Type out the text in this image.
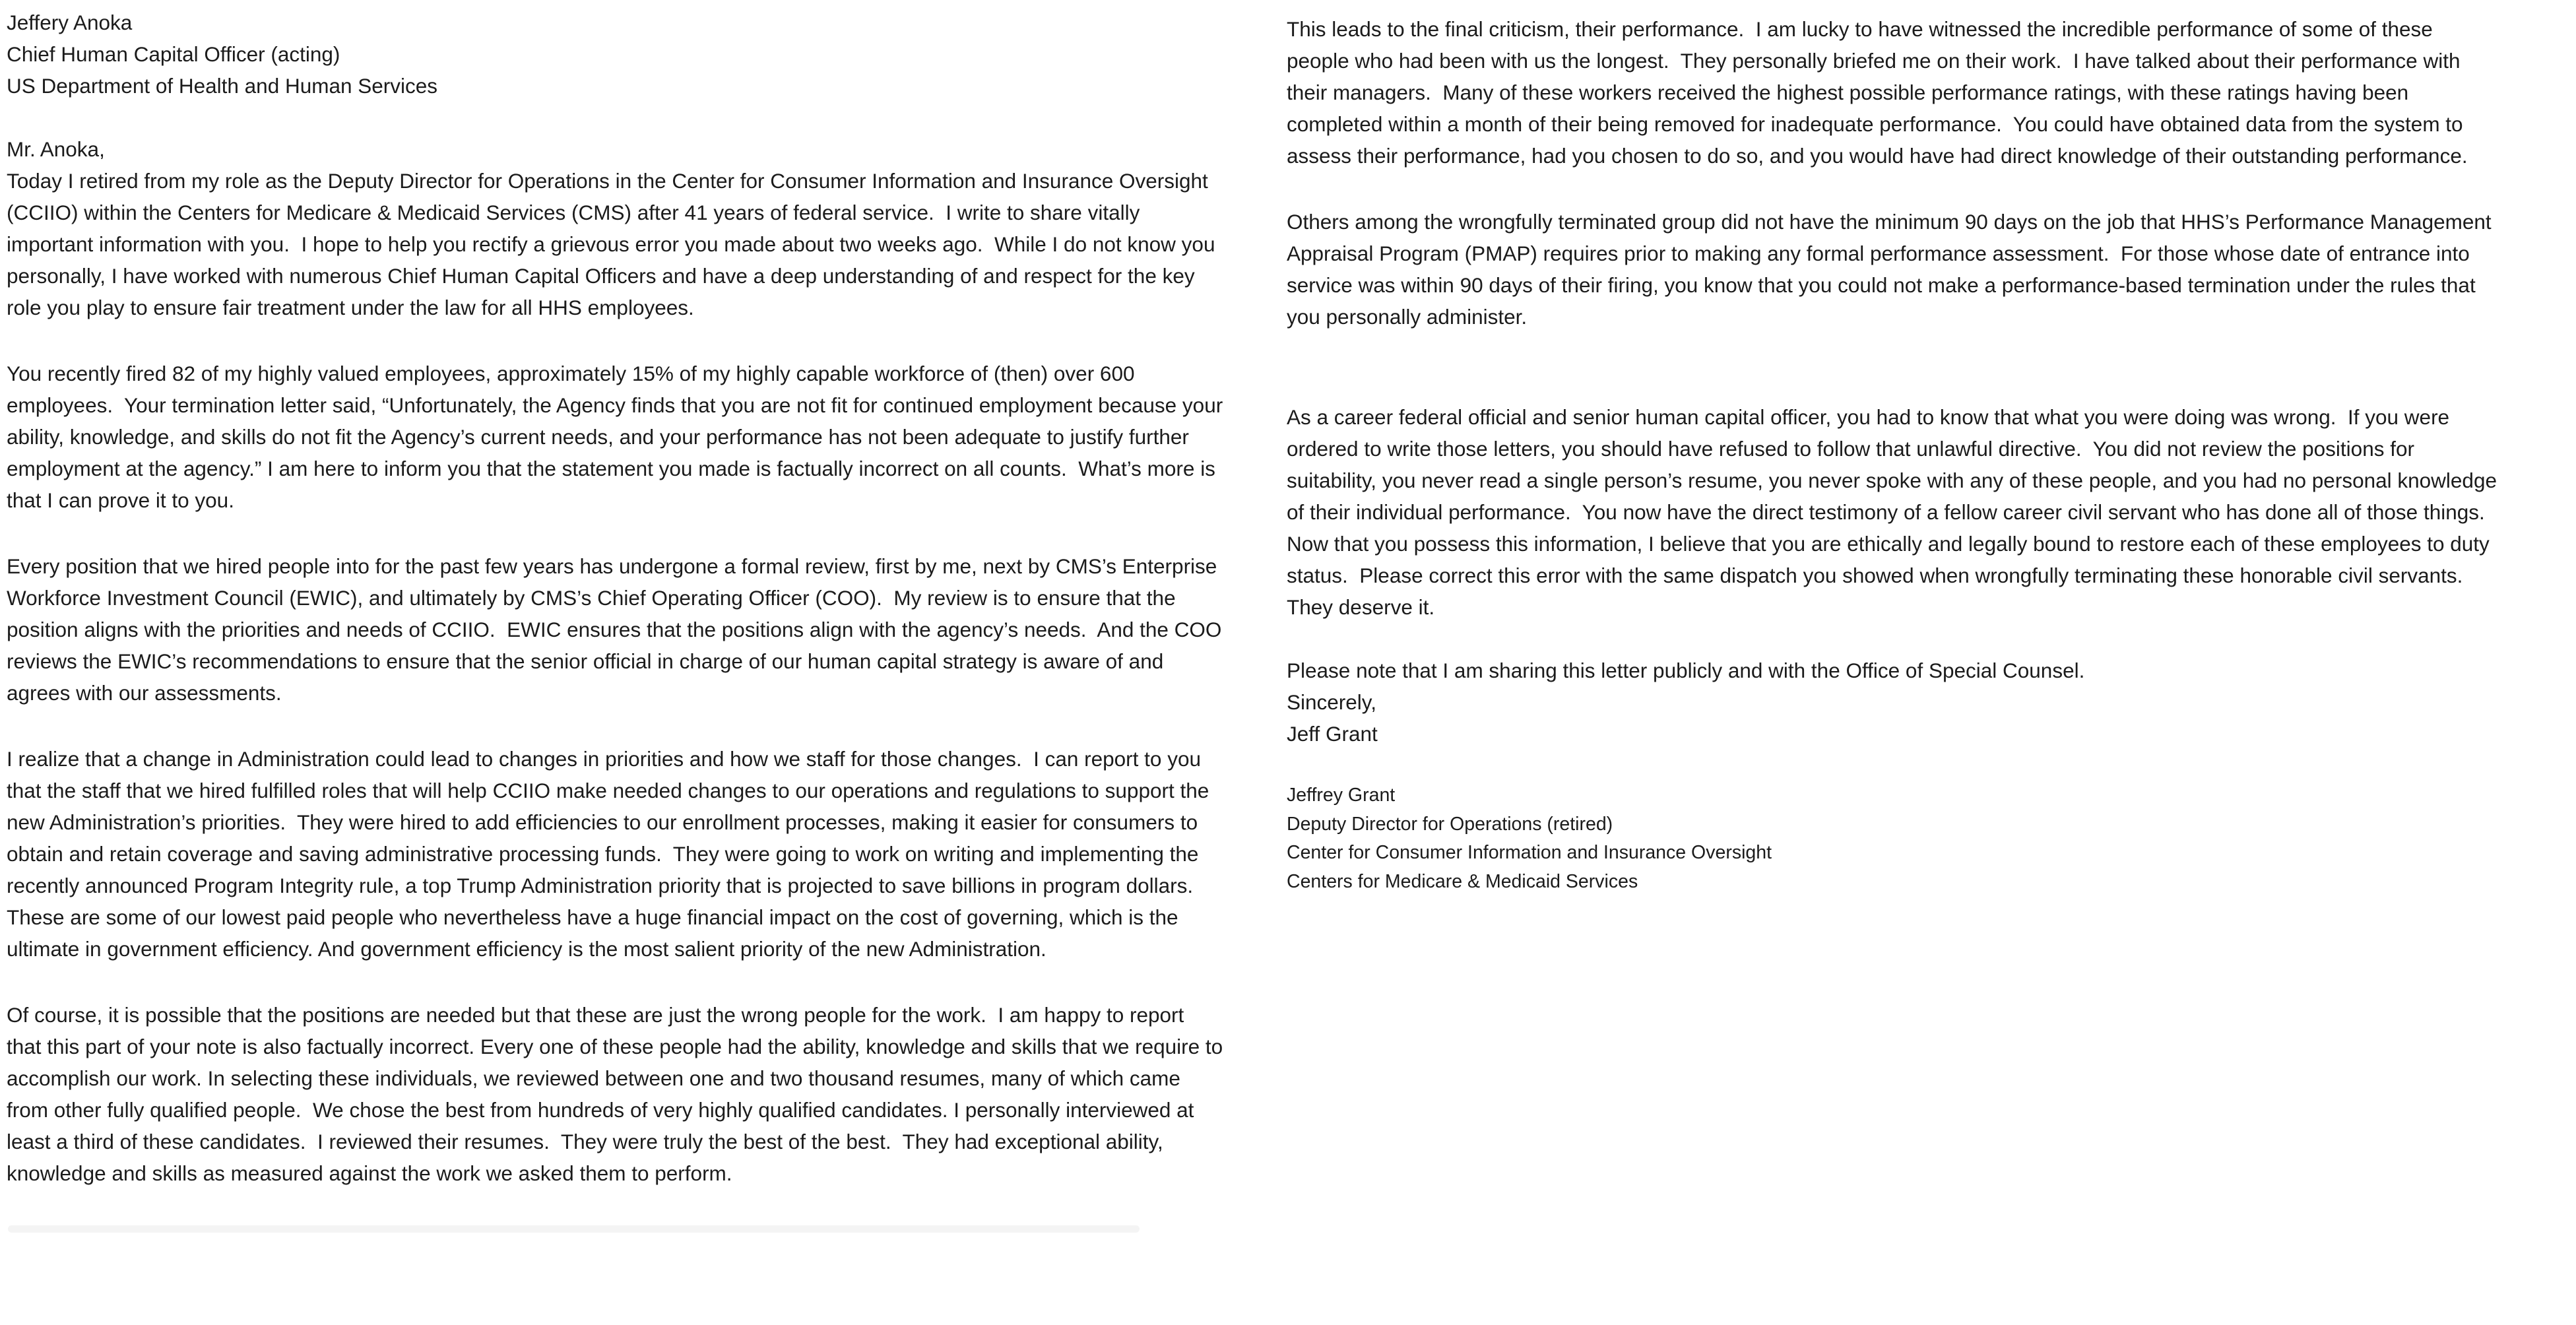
Jeffery Anoka
Chief Human Capital Officer (acting)
US Department of Health and Human Services
Mr. Anoka,

Today I retired from my role as the Deputy Director for Operations in the Center for Consumer Information and Insurance Oversight (CCIIO) within the Centers for Medicare & Medicaid Services (CMS) after 41 years of federal service.  I write to share vitally important information with you.  I hope to help you rectify a grievous error you made about two weeks ago.  While I do not know you personally, I have worked with numerous Chief Human Capital Officers and have a deep understanding of and respect for the key role you play to ensure fair treatment under the law for all HHS employees.

You recently fired 82 of my highly valued employees, approximately 15% of my highly capable workforce of (then) over 600 employees.  Your termination letter said, “Unfortunately, the Agency finds that you are not fit for continued employment because your ability, knowledge, and skills do not fit the Agency’s current needs, and your performance has not been adequate to justify further employment at the agency.” I am here to inform you that the statement you made is factually incorrect on all counts.  What’s more is that I can prove it to you.

Every position that we hired people into for the past few years has undergone a formal review, first by me, next by CMS’s Enterprise Workforce Investment Council (EWIC), and ultimately by CMS’s Chief Operating Officer (COO).  My review is to ensure that the position aligns with the priorities and needs of CCIIO.  EWIC ensures that the positions align with the agency’s needs.  And the COO reviews the EWIC’s recommendations to ensure that the senior official in charge of our human capital strategy is aware of and agrees with our assessments.

I realize that a change in Administration could lead to changes in priorities and how we staff for those changes.  I can report to you that the staff that we hired fulfilled roles that will help CCIIO make needed changes to our operations and regulations to support the new Administration’s priorities.  They were hired to add efficiencies to our enrollment processes, making it easier for consumers to obtain and retain coverage and saving administrative processing funds.  They were going to work on writing and implementing the recently announced Program Integrity rule, a top Trump Administration priority that is projected to save billions in program dollars. These are some of our lowest paid people who nevertheless have a huge financial impact on the cost of governing, which is the ultimate in government efficiency. And government efficiency is the most salient priority of the new Administration.

Of course, it is possible that the positions are needed but that these are just the wrong people for the work.  I am happy to report that this part of your note is also factually incorrect. Every one of these people had the ability, knowledge and skills that we require to accomplish our work. In selecting these individuals, we reviewed between one and two thousand resumes, many of which came from other fully qualified people.  We chose the best from hundreds of very highly qualified candidates. I personally interviewed at least a third of these candidates.  I reviewed their resumes.  They were truly the best of the best.  They had exceptional ability, knowledge and skills as measured against the work we asked them to perform.

This leads to the final criticism, their performance.  I am lucky to have witnessed the incredible performance of some of these people who had been with us the longest.  They personally briefed me on their work.  I have talked about their performance with their managers.  Many of these workers received the highest possible performance ratings, with these ratings having been completed within a month of their being removed for inadequate performance.  You could have obtained data from the system to assess their performance, had you chosen to do so, and you would have had direct knowledge of their outstanding performance.

Others among the wrongfully terminated group did not have the minimum 90 days on the job that HHS’s Performance Management Appraisal Program (PMAP) requires prior to making any formal performance assessment.  For those whose date of entrance into service was within 90 days of their firing, you know that you could not make a performance-based termination under the rules that you personally administer.

As a career federal official and senior human capital officer, you had to know that what you were doing was wrong.  If you were ordered to write those letters, you should have refused to follow that unlawful directive.  You did not review the positions for suitability, you never read a single person’s resume, you never spoke with any of these people, and you had no personal knowledge of their individual performance.  You now have the direct testimony of a fellow career civil servant who has done all of those things.  Now that you possess this information, I believe that you are ethically and legally bound to restore each of these employees to duty status.  Please correct this error with the same dispatch you showed when wrongfully terminating these honorable civil servants. They deserve it.

Please note that I am sharing this letter publicly and with the Office of Special Counsel.
Sincerely,
Jeff Grant
Jeffrey Grant
Deputy Director for Operations (retired)
Center for Consumer Information and Insurance Oversight
Centers for Medicare & Medicaid Services
